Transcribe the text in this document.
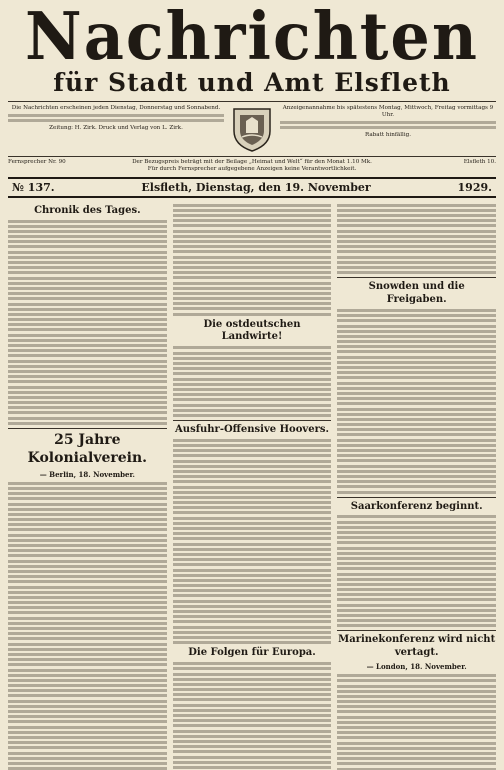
Nachrichten
für Stadt und Amt Elsfleth
Die Nachrichten erscheinen jeden Dienstag, Donnerstag und Sonnabend.
Zeitung: H. Zirk. Druck und Verlag von L. Zirk.
Anzeigenannahme bis spätestens Montag, Mittwoch, Freitag vormittags 9 Uhr.
Rabatt hinfällig.
Fernsprecher Nr. 90	Der Bezugspreis beträgt mit der Beilage „Heimat und Welt“ für den Monat 1.10 Mk.
Für durch Fernsprecher aufgegebene Anzeigen keine Verantwortlichkeit.
Elsfleth 10.
№ 137.	Elsfleth, Dienstag, den 19. November	1929.
Chronik des Tages.
25 Jahre Kolonialverein.
— Berlin, 18. November.
Die ostdeutschen Landwirte!
Ausfuhr-Offensive Hoovers.
Die Folgen für Europa.
Snowden und die Freigaben.
Saarkonferenz beginnt.
Marinekonferenz wird nicht vertagt.
— London, 18. November.
